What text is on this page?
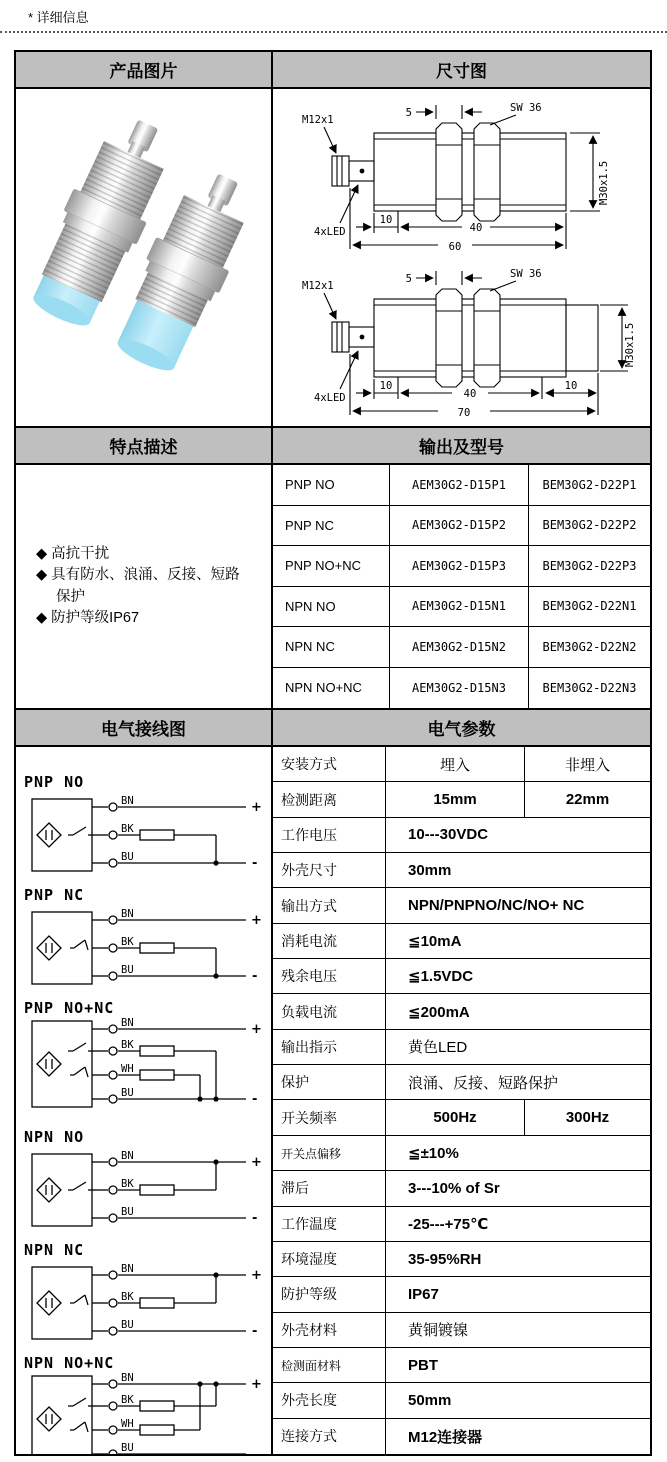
* 详细信息
产品图片	尺寸图
M12x1
4xLED
5	SW 36
10
40
60
M30x1.5
M12x1
4xLED
5	SW 36
10
40
10
70
M30x1.5
特点描述	输出及型号
◆ 高抗干扰
◆ 具有防水、浪涌、反接、短路保护
◆ 防护等级IP67
PNP NO	AEM30G2-D15P1	BEM30G2-D22P1
PNP NC	AEM30G2-D15P2	BEM30G2-D22P2
PNP NO+NC	AEM30G2-D15P3	BEM30G2-D22P3
NPN NO	AEM30G2-D15N1	BEM30G2-D22N1
NPN NC	AEM30G2-D15N2	BEM30G2-D22N2
NPN NO+NC	AEM30G2-D15N3	BEM30G2-D22N3
电气接线图	电气参数
PNP NO
BN	+
BK
BU	-
PNP NC
BN	+
BK
BU	-
PNP NO+NC
BN	+
BK
WH
BU	-
NPN NO
BN	+
BK
BU	-
NPN NC
BN	+
BK
BU	-
NPN NO+NC
BN	+
BK
WH
BU
安装方式	埋入	非埋入
检测距离	15mm	22mm
工作电压	10---30VDC
外壳尺寸	30mm
输出方式	NPN/PNPNO/NC/NO+ NC
消耗电流	≦10mA
残余电压	≦1.5VDC
负载电流	≦200mA
输出指示	黄色LED
保护	浪涌、反接、短路保护
开关频率	500Hz	300Hz
开关点偏移	≦±10%
滞后	3---10% of Sr
工作温度	-25---+75℃
环境湿度	35-95%RH
防护等级	IP67
外壳材料	黄铜镀镍
检测面材料	PBT
外壳长度	50mm
连接方式	M12连接器
